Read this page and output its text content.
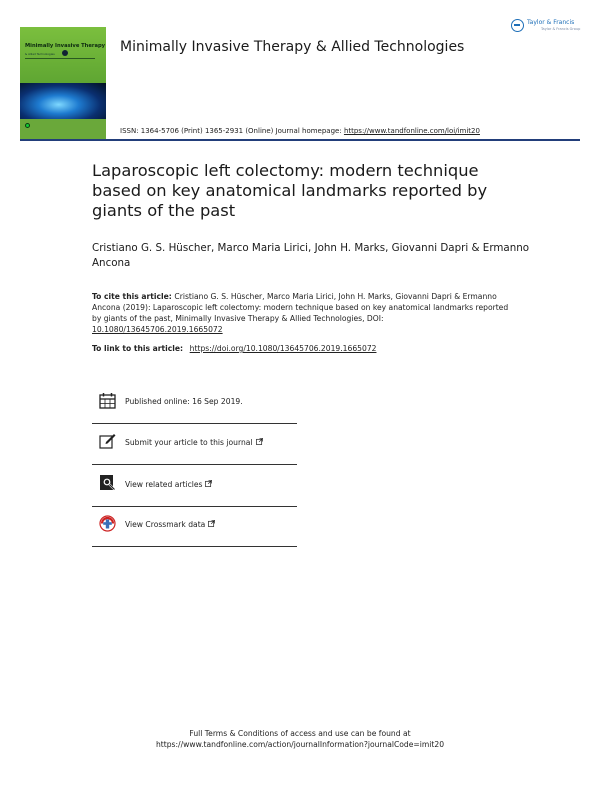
Minimally Invasive Therapy
& Allied Technologies
Taylor & Francis
Taylor & Francis Group
Minimally Invasive Therapy & Allied Technologies
ISSN: 1364-5706 (Print) 1365-2931 (Online) Journal homepage: https://www.tandfonline.com/loi/imit20
Laparoscopic left colectomy: modern technique based on key anatomical landmarks reported by giants of the past
Cristiano G. S. Hüscher, Marco Maria Lirici, John H. Marks, Giovanni Dapri & Ermanno Ancona
To cite this article: Cristiano G. S. Hüscher, Marco Maria Lirici, John H. Marks, Giovanni Dapri & Ermanno Ancona (2019): Laparoscopic left colectomy: modern technique based on key anatomical landmarks reported by giants of the past, Minimally Invasive Therapy & Allied Technologies, DOI: 10.1080/13645706.2019.1665072
To link to this article: https://doi.org/10.1080/13645706.2019.1665072
Published online: 16 Sep 2019.
Submit your article to this journal
View related articles
View Crossmark data
Full Terms & Conditions of access and use can be found at
https://www.tandfonline.com/action/journalInformation?journalCode=imit20
